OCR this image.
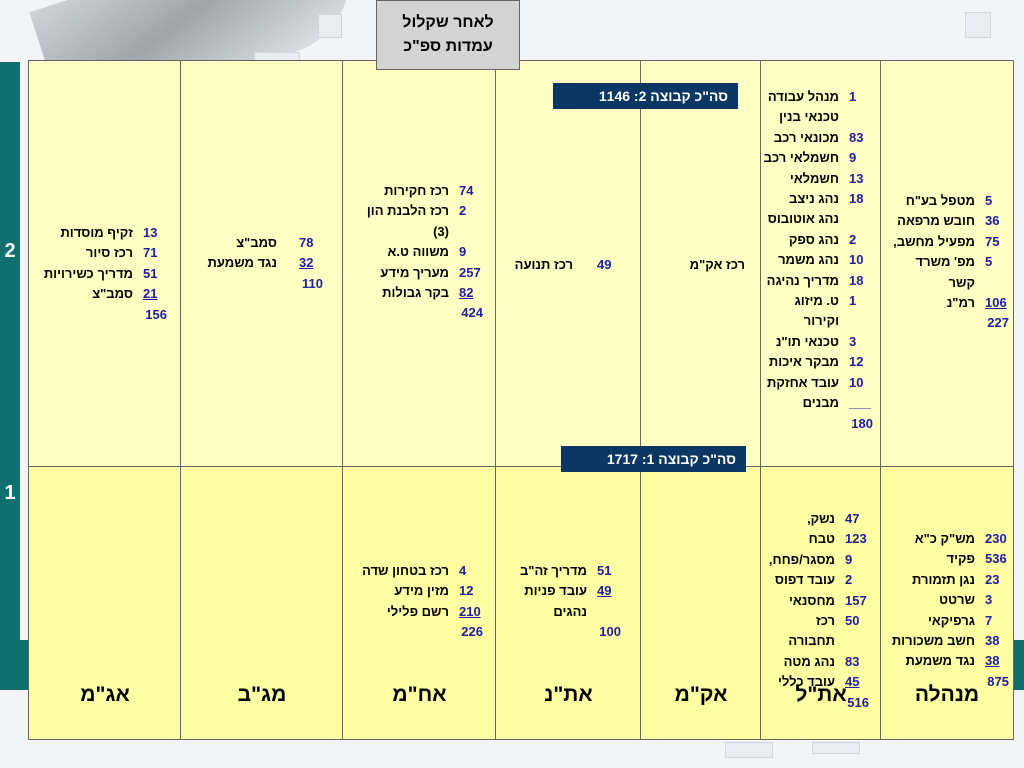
2
1
5
מטפל בע"ח
36
חובש מרפאה
75
מפעיל מחשב,
5
מפ' משרד
קשר
106
רמ"נ
227
1
מנהל עבודה
טכנאי בנין
83
מכונאי רכב
9
חשמלאי רכב
13
חשמלאי
18
נהג ניצב
נהג אוטובוס
2
נהג ספק
10
נהג משמר
18
מדריך נהיגה
1
ט. מיזוג
וקירור
3
טכנאי תו"נ
12
מבקר איכות
10
עובד אחזקת
___
מבנים
180
רכז אק"מ
49
רכז תנועה
74
רכז חקירות
2
רכז הלבנת הון
(3)
9
משווה ט.א
257
מעריך מידע
82
בקר גבולות
424
78
סמב"צ
32
נגד משמעת
110
13
זקיף מוסדות
71
רכז סיור
51
מדריך כשירויות
21
סמב"צ
156
230
מש"ק כ"א
536
פקיד
23
נגן תזמורת
3
שרטט
7
גרפיקאי
38
חשב משכורות
38
נגד משמעת
875
47
נשק,
123
טבח
9
מסגר/פחח,
2
עובד דפוס
157
מחסנאי
50
רכז
תחבורה
83
נהג מטה
45
עובד כללי
516
51
מדריך זה"ב
49
עובד פניות
נהגים
100
4
רכז בטחון שדה
12
מזין מידע
210
רשם פלילי
226
מנהלה
את"ל
אק"מ
את"נ
אח"מ
מג"ב
אג"מ
סה"כ קבוצה 2: 1146
סה"כ קבוצה 1: 1717
לאחר שקלול
עמדות ספ"כ
